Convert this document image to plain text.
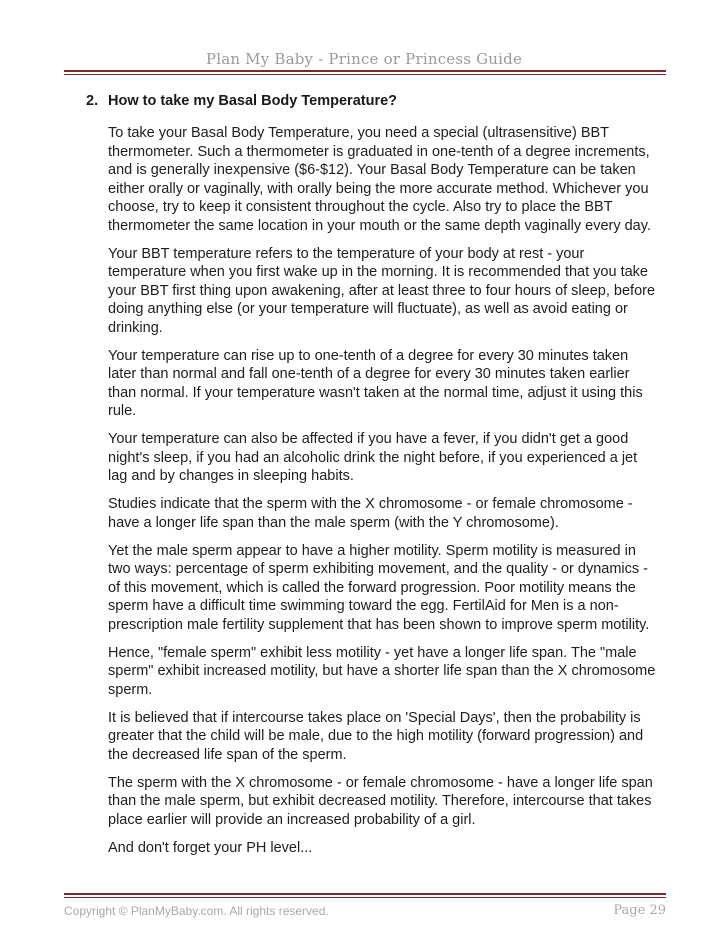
Plan My Baby - Prince or Princess Guide
2. How to take my Basal Body Temperature?

To take your Basal Body Temperature, you need a special (ultrasensitive) BBT thermometer. Such a thermometer is graduated in one-tenth of a degree increments, and is generally inexpensive ($6-$12). Your Basal Body Temperature can be taken either orally or vaginally, with orally being the more accurate method. Whichever you choose, try to keep it consistent throughout the cycle. Also try to place the BBT thermometer the same location in your mouth or the same depth vaginally every day.

Your BBT temperature refers to the temperature of your body at rest - your temperature when you first wake up in the morning. It is recommended that you take your BBT first thing upon awakening, after at least three to four hours of sleep, before doing anything else (or your temperature will fluctuate), as well as avoid eating or drinking.

Your temperature can rise up to one-tenth of a degree for every 30 minutes taken later than normal and fall one-tenth of a degree for every 30 minutes taken earlier than normal. If your temperature wasn't taken at the normal time, adjust it using this rule.

Your temperature can also be affected if you have a fever, if you didn't get a good night's sleep, if you had an alcoholic drink the night before, if you experienced a jet lag and by changes in sleeping habits.

Studies indicate that the sperm with the X chromosome - or female chromosome - have a longer life span than the male sperm (with the Y chromosome).

Yet the male sperm appear to have a higher motility. Sperm motility is measured in two ways: percentage of sperm exhibiting movement, and the quality - or dynamics - of this movement, which is called the forward progression. Poor motility means the sperm have a difficult time swimming toward the egg. FertilAid for Men is a non-prescription male fertility supplement that has been shown to improve sperm motility.

Hence, "female sperm" exhibit less motility - yet have a longer life span. The "male sperm" exhibit increased motility, but have a shorter life span than the X chromosome sperm.

It is believed that if intercourse takes place on 'Special Days', then the probability is greater that the child will be male, due to the high motility (forward progression) and the decreased life span of the sperm.

The sperm with the X chromosome - or female chromosome - have a longer life span than the male sperm, but exhibit decreased motility. Therefore, intercourse that takes place earlier will provide an increased probability of a girl.

And don't forget your PH level...

Copyright © PlanMyBaby.com. All rights reserved.	Page 29
